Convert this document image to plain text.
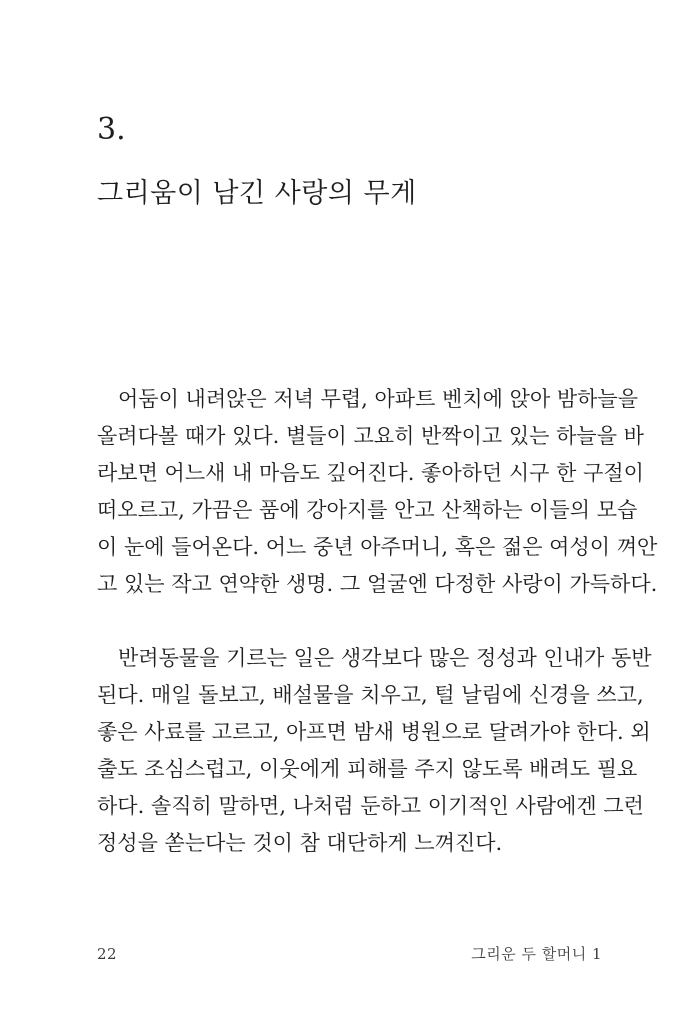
3.
그리움이 남긴 사랑의 무게
어둠이 내려앉은 저녁 무렵, 아파트 벤치에 앉아 밤하늘을
올려다볼 때가 있다. 별들이 고요히 반짝이고 있는 하늘을 바
라보면 어느새 내 마음도 깊어진다. 좋아하던 시구 한 구절이
떠오르고, 가끔은 품에 강아지를 안고 산책하는 이들의 모습
이 눈에 들어온다. 어느 중년 아주머니, 혹은 젊은 여성이 껴안
고 있는 작고 연약한 생명. 그 얼굴엔 다정한 사랑이 가득하다.
반려동물을 기르는 일은 생각보다 많은 정성과 인내가 동반
된다. 매일 돌보고, 배설물을 치우고, 털 날림에 신경을 쓰고,
좋은 사료를 고르고, 아프면 밤새 병원으로 달려가야 한다. 외
출도 조심스럽고, 이웃에게 피해를 주지 않도록 배려도 필요
하다. 솔직히 말하면, 나처럼 둔하고 이기적인 사람에겐 그런
정성을 쏟는다는 것이 참 대단하게 느껴진다.
22	그리운 두 할머니 1
